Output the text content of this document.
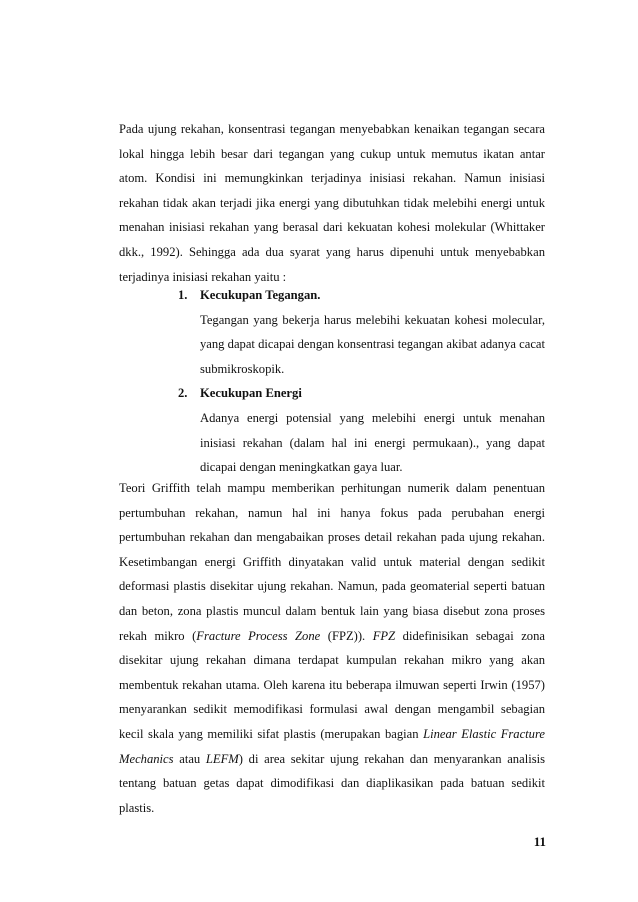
Pada ujung rekahan, konsentrasi tegangan menyebabkan kenaikan tegangan secara lokal hingga lebih besar dari tegangan yang cukup untuk memutus ikatan antar atom. Kondisi ini memungkinkan terjadinya inisiasi rekahan. Namun inisiasi rekahan tidak akan terjadi jika energi yang dibutuhkan tidak melebihi energi untuk menahan inisiasi rekahan yang berasal dari kekuatan kohesi molekular (Whittaker dkk., 1992). Sehingga ada dua syarat yang harus dipenuhi untuk menyebabkan terjadinya inisiasi rekahan yaitu :

1. Kecukupan Tegangan.
Tegangan yang bekerja harus melebihi kekuatan kohesi molecular, yang dapat dicapai dengan konsentrasi tegangan akibat adanya cacat submikroskopik.
2. Kecukupan Energi
Adanya energi potensial yang melebihi energi untuk menahan inisiasi rekahan (dalam hal ini energi permukaan)., yang dapat dicapai dengan meningkatkan gaya luar.

Teori Griffith telah mampu memberikan perhitungan numerik dalam penentuan pertumbuhan rekahan, namun hal ini hanya fokus pada perubahan energi pertumbuhan rekahan dan mengabaikan proses detail rekahan pada ujung rekahan. Kesetimbangan energi Griffith dinyatakan valid untuk material dengan sedikit deformasi plastis disekitar ujung rekahan. Namun, pada geomaterial seperti batuan dan beton, zona plastis muncul dalam bentuk lain yang biasa disebut zona proses rekah mikro (Fracture Process Zone (FPZ)). FPZ didefinisikan sebagai zona disekitar ujung rekahan dimana terdapat kumpulan rekahan mikro yang akan membentuk rekahan utama. Oleh karena itu beberapa ilmuwan seperti Irwin (1957) menyarankan sedikit memodifikasi formulasi awal dengan mengambil sebagian kecil skala yang memiliki sifat plastis (merupakan bagian Linear Elastic Fracture Mechanics atau LEFM) di area sekitar ujung rekahan dan menyarankan analisis tentang batuan getas dapat dimodifikasi dan diaplikasikan pada batuan sedikit plastis.

11
